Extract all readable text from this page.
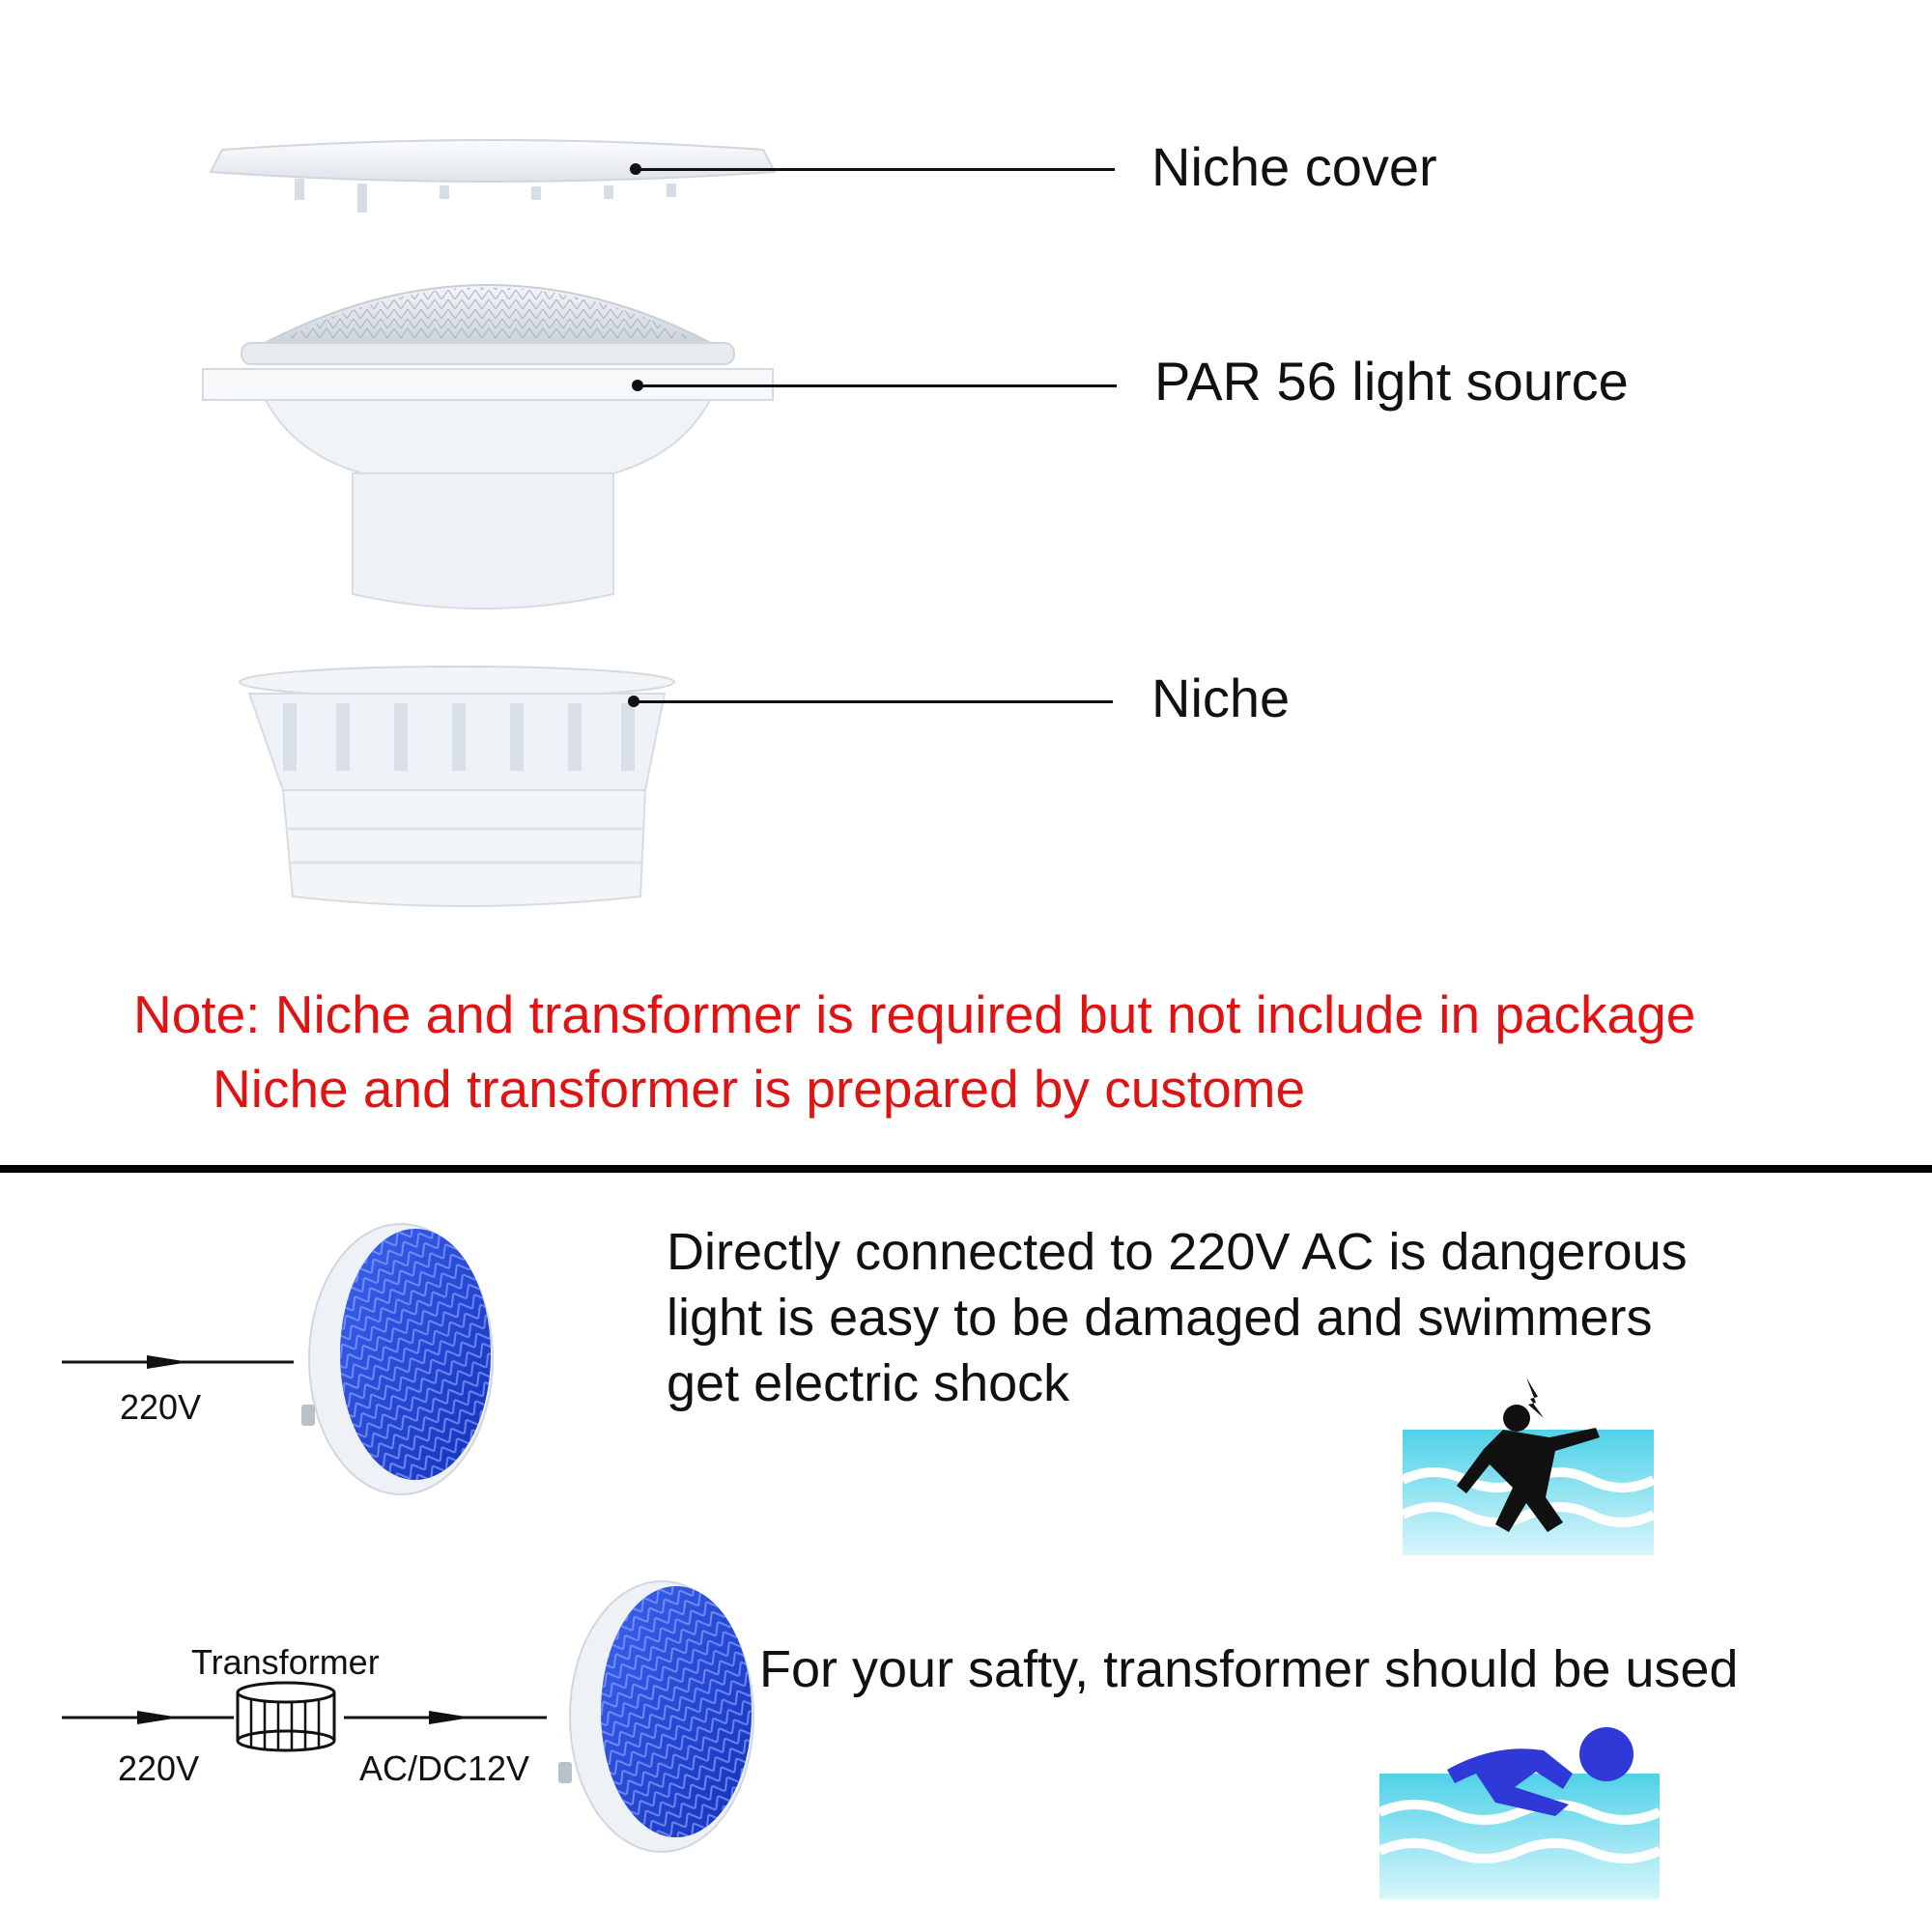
Niche cover
PAR 56 light source
Niche
Note: Niche and transformer is required but not include in package
Niche and transformer is prepared by custome
220V
Directly connected to 220V AC is dangerous
light is easy to be damaged and swimmers
get electric shock
Transformer
220V	AC/DC12V
For your safty, transformer should be used
